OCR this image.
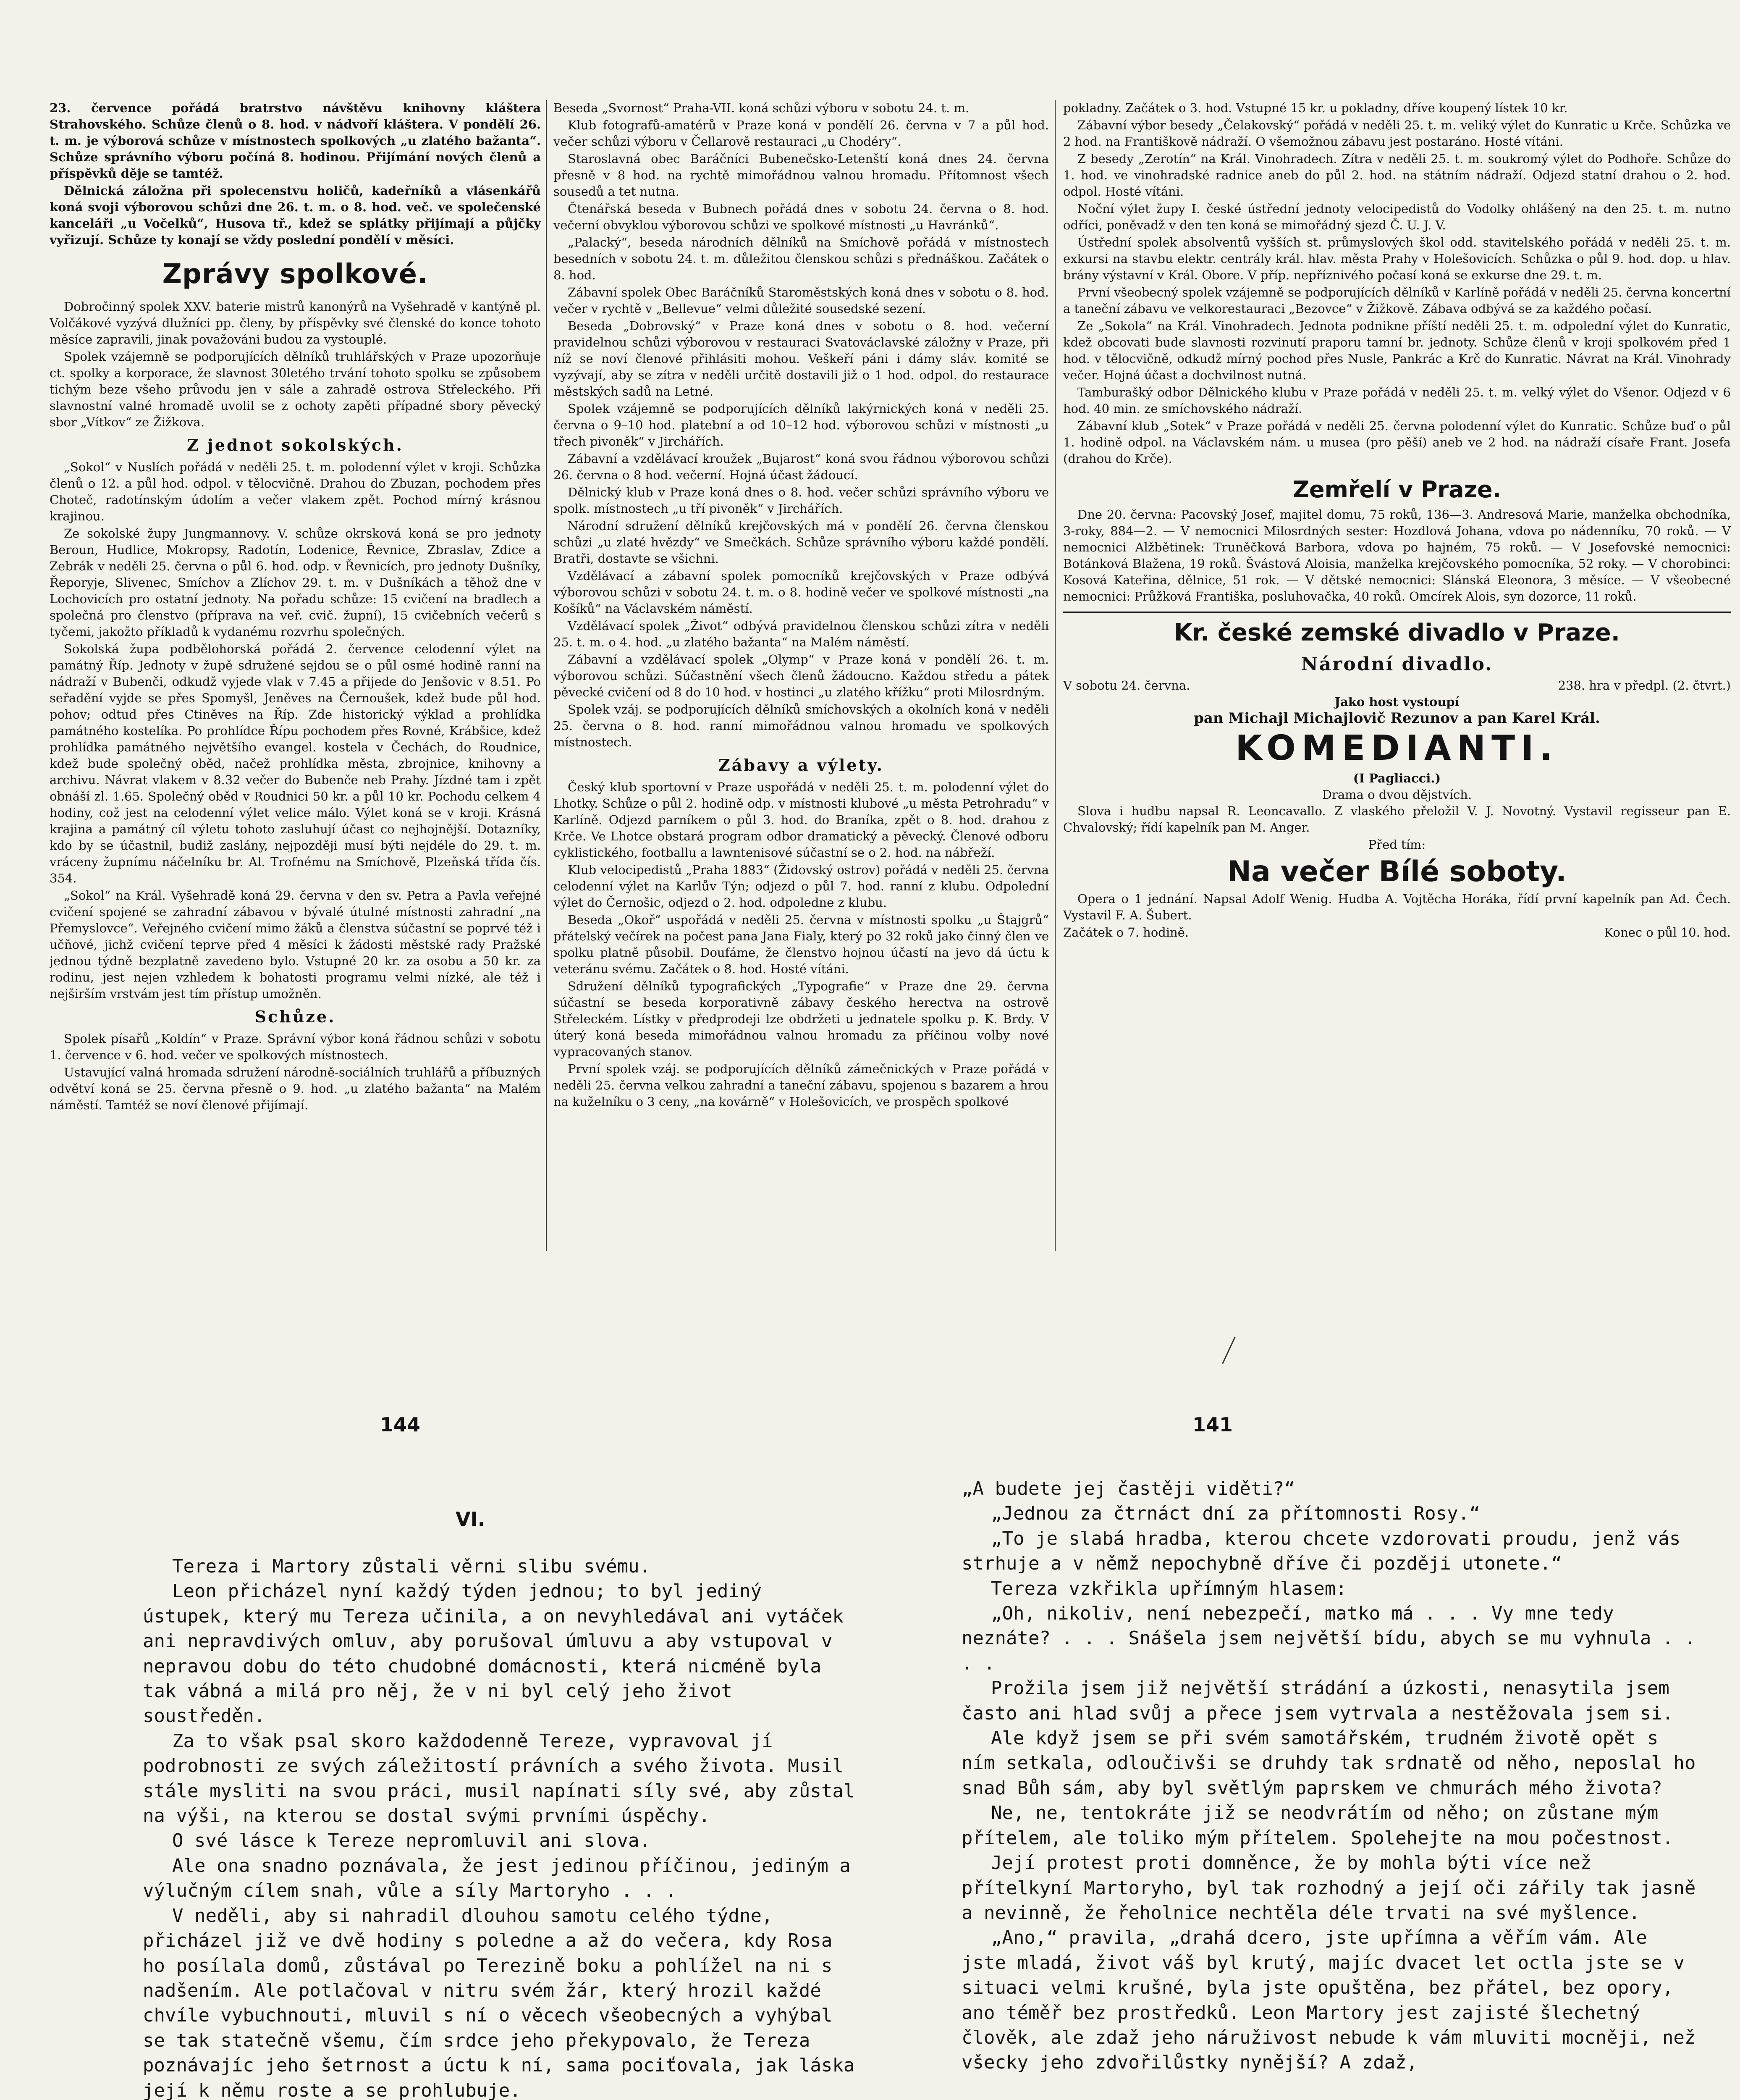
23. července pořádá bratrstvo návštěvu knihovny kláštera Strahovského. Schůze členů o 8. hod. v nádvoří kláštera. V pondělí 26. t. m. je výborová schůze v místnostech spolkových „u zlatého bažanta“. Schůze správního výboru počíná 8. hodinou. Přijímání nových členů a příspěvků děje se tamtéž.

Dělnická záložna při spolecenstvu holičů, kadeřníků a vlásenkářů koná svoji výborovou schůzi dne 26. t. m. o 8. hod. več. ve společenské kanceláři „u Vočelků“, Husova tř., kdež se splátky přijímají a půjčky vyřizují. Schůze ty konají se vždy poslední pondělí v měsíci.

Zprávy spolkové.

Dobročinný spolek XXV. baterie mistrů kanonýrů na Vyšehradě v kantýně pl. Volčákové vyzývá dlužníci pp. členy, by příspěvky své členské do konce tohoto měsíce zapravili, jinak považováni budou za vystouplé.

Spolek vzájemně se podporujících dělníků truhlářských v Praze upozorňuje ct. spolky a korporace, že slavnost 30letého trvání tohoto spolku se způsobem tichým beze všeho průvodu jen v sále a zahradě ostrova Střeleckého. Při slavnostní valné hromadě uvolil se z ochoty zapěti případné sbory pěvecký sbor „Vítkov“ ze Žižkova.

Z jednot sokolských.

„Sokol“ v Nuslích pořádá v neděli 25. t. m. polodenní výlet v kroji. Schůzka členů o 12. a půl hod. odpol. v tělocvičně. Drahou do Zbuzan, pochodem přes Choteč, radotínským údolím a večer vlakem zpět. Pochod mírný krásnou krajinou.

Ze sokolské župy Jungmannovy. V. schůze okrsková koná se pro jednoty Beroun, Hudlice, Mokropsy, Radotín, Lodenice, Řevnice, Zbraslav, Zdice a Zebrák v neděli 25. června o půl 6. hod. odp. v Řevnicích, pro jednoty Dušníky, Řeporyje, Slivenec, Smíchov a Zlíchov 29. t. m. v Dušníkách a těhož dne v Lochovicích pro ostatní jednoty. Na pořadu schůze: 15 cvičení na bradlech a společná pro členstvo (příprava na veř. cvič. župní), 15 cvičebních večerů s tyčemi, jakožto příkladů k vydanému rozvrhu společných.

Sokolská župa podbělohorská pořádá 2. července celodenní výlet na památný Říp. Jednoty v župě sdružené sejdou se o půl osmé hodině ranní na nádraží v Bubenči, odkudž vyjede vlak v 7.45 a přijede do Jenšovic v 8.51. Po seřadění vyjde se přes Spomyšl, Jeněves na Černoušek, kdež bude půl hod. pohov; odtud přes Ctiněves na Říp. Zde historický výklad a prohlídka památného kostelíka. Po prohlídce Řípu pochodem přes Rovné, Krábšice, kdež prohlídka památného největšího evangel. kostela v Čechách, do Roudnice, kdež bude společný oběd, načež prohlídka města, zbrojnice, knihovny a archivu. Návrat vlakem v 8.32 večer do Bubenče neb Prahy. Jízdné tam i zpět obnáší zl. 1.65. Společný oběd v Roudnici 50 kr. a půl 10 kr. Pochodu celkem 4 hodiny, což jest na celodenní výlet velice málo. Výlet koná se v kroji. Krásná krajina a památný cíl výletu tohoto zasluhují účast co nejhojnější. Dotazníky, kdo by se účastnil, budiž zaslány, nejpozději musí býti nejdéle do 29. t. m. vráceny župnímu náčelníku br. Al. Trofnému na Smíchově, Plzeňská třída čís. 354.

„Sokol“ na Král. Vyšehradě koná 29. června v den sv. Petra a Pavla veřejné cvičení spojené se zahradní zábavou v bývalé útulné místnosti zahradní „na Přemyslovce“. Veřejného cvičení mimo žáků a členstva súčastní se poprvé též i učňové, jichž cvičení teprve před 4 měsíci k žádosti městské rady Pražské jednou týdně bezplatně zavedeno bylo. Vstupné 20 kr. za osobu a 50 kr. za rodinu, jest nejen vzhledem k bohatosti programu velmi nízké, ale též i nejširším vrstvám jest tím přístup umožněn.

Schůze.

Spolek písařů „Koldín“ v Praze. Správní výbor koná řádnou schůzi v sobotu 1. července v 6. hod. večer ve spolkových místnostech.

Ustavující valná hromada sdružení národně-sociálních truhlářů a příbuzných odvětví koná se 25. června přesně o 9. hod. „u zlatého bažanta“ na Malém náměstí. Tamtéž se noví členové přijímají.

Beseda „Svornost“ Praha-VII. koná schůzi výboru v sobotu 24. t. m.

Klub fotografů-amatérů v Praze koná v pondělí 26. června v 7 a půl hod. večer schůzi výboru v Čellarově restauraci „u Chodéry“.

Staroslavná obec Baráčníci Bubenečsko-Letenští koná dnes 24. června přesně v 8 hod. na rychtě mimořádnou valnou hromadu. Přítomnost všech sousedů a tet nutna.

Čtenářská beseda v Bubnech pořádá dnes v sobotu 24. června o 8. hod. večerní obvyklou výborovou schůzi ve spolkové místnosti „u Havránků“.

„Palacký“, beseda národních dělníků na Smíchově pořádá v místnostech besedních v sobotu 24. t. m. důležitou členskou schůzi s přednáškou. Začátek o 8. hod.

Zábavní spolek Obec Baráčníků Staroměstských koná dnes v sobotu o 8. hod. večer v rychtě v „Bellevue“ velmi důležité sousedské sezení.

Beseda „Dobrovský“ v Praze koná dnes v sobotu o 8. hod. večerní pravidelnou schůzi výborovou v restauraci Svatováclavské záložny v Praze, při níž se noví členové přihlásiti mohou. Veškeří páni i dámy sláv. komité se vyzývají, aby se zítra v neděli určitě dostavili již o 1 hod. odpol. do restaurace městských sadů na Letné.

Spolek vzájemně se podporujících dělníků lakýrnických koná v neděli 25. června o 9–10 hod. platební a od 10–12 hod. výborovou schůzi v místnosti „u třech pivoněk“ v Jirchářích.

Zábavní a vzdělávací kroužek „Bujarost“ koná svou řádnou výborovou schůzi 26. června o 8 hod. večerní. Hojná účast žádoucí.

Dělnický klub v Praze koná dnes o 8. hod. večer schůzi správního výboru ve spolk. místnostech „u tří pivoněk“ v Jirchářích.

Národní sdružení dělníků krejčovských má v pondělí 26. června členskou schůzi „u zlaté hvězdy“ ve Smečkách. Schůze správního výboru každé pondělí. Bratři, dostavte se všichni.

Vzdělávací a zábavní spolek pomocníků krejčovských v Praze odbývá výborovou schůzi v sobotu 24. t. m. o 8. hodině večer ve spolkové místnosti „na Košíků“ na Václavském náměstí.

Vzdělávací spolek „Život“ odbývá pravidelnou členskou schůzi zítra v neděli 25. t. m. o 4. hod. „u zlatého bažanta“ na Malém náměstí.

Zábavní a vzdělávací spolek „Olymp“ v Praze koná v pondělí 26. t. m. výborovou schůzi. Súčastnění všech členů žádoucno. Každou středu a pátek pěvecké cvičení od 8 do 10 hod. v hostinci „u zlatého křížku“ proti Milosrdným.

Spolek vzáj. se podporujících dělníků smíchovských a okolních koná v neděli 25. června o 8. hod. ranní mimořádnou valnou hromadu ve spolkových místnostech.

Zábavy a výlety.

Český klub sportovní v Praze uspořádá v neděli 25. t. m. polodenní výlet do Lhotky. Schůze o půl 2. hodině odp. v místnosti klubové „u města Petrohradu“ v Karlíně. Odjezd parníkem o půl 3. hod. do Braníka, zpět o 8. hod. drahou z Krče. Ve Lhotce obstará program odbor dramatický a pěvecký. Členové odboru cyklistického, footballu a lawntenisové súčastní se o 2. hod. na nábřeží.

Klub velocipedistů „Praha 1883“ (Židovský ostrov) pořádá v neděli 25. června celodenní výlet na Karlův Týn; odjezd o půl 7. hod. ranní z klubu. Odpolední výlet do Černošic, odjezd o 2. hod. odpoledne z klubu.

Beseda „Okoř“ uspořádá v neděli 25. června v místnosti spolku „u Štajgrů“ přátelský večírek na počest pana Jana Fialy, který po 32 roků jako činný člen ve spolku platně působil. Doufáme, že členstvo hojnou účastí na jevo dá úctu k veteránu svému. Začátek o 8. hod. Hosté vítáni.

Sdružení dělníků typografických „Typografie“ v Praze dne 29. června súčastní se beseda korporativně zábavy českého herectva na ostrově Střeleckém. Lístky v předprodeji lze obdržeti u jednatele spolku p. K. Brdy. V úterý koná beseda mimořádnou valnou hromadu za příčinou volby nové vypracovaných stanov.

První spolek vzáj. se podporujících dělníků zámečnických v Praze pořádá v neděli 25. června velkou zahradní a taneční zábavu, spojenou s bazarem a hrou na kuželníku o 3 ceny, „na kovárně“ v Holešovicích, ve prospěch spolkové

pokladny. Začátek o 3. hod. Vstupné 15 kr. u pokladny, dříve koupený lístek 10 kr.

Zábavní výbor besedy „Čelakovský“ pořádá v neděli 25. t. m. veliký výlet do Kunratic u Krče. Schůzka ve 2 hod. na Františkově nádraží. O všemožnou zábavu jest postaráno. Hosté vítáni.

Z besedy „Zerotín“ na Král. Vinohradech. Zítra v neděli 25. t. m. soukromý výlet do Podhoře. Schůze do 1. hod. ve vinohradské radnice aneb do půl 2. hod. na státním nádraží. Odjezd statní drahou o 2. hod. odpol. Hosté vítáni.

Noční výlet župy I. české ústřední jednoty velocipedistů do Vodolky ohlášený na den 25. t. m. nutno odříci, poněvadž v den ten koná se mimořádný sjezd Č. U. J. V.

Ústřední spolek absolventů vyšších st. průmyslových škol odd. stavitelského pořádá v neděli 25. t. m. exkursi na stavbu elektr. centrály král. hlav. města Prahy v Holešovicích. Schůzka o půl 9. hod. dop. u hlav. brány výstavní v Král. Obore. V příp. nepříznivého počasí koná se exkurse dne 29. t. m.

První všeobecný spolek vzájemně se podporujících dělníků v Karlíně pořádá v neděli 25. června koncertní a taneční zábavu ve velkorestauraci „Bezovce“ v Žižkově. Zábava odbývá se za každého počasí.

Ze „Sokola“ na Král. Vinohradech. Jednota podnikne příští neděli 25. t. m. odpolední výlet do Kunratic, kdež obcovati bude slavnosti rozvinutí praporu tamní br. jednoty. Schůze členů v kroji spolkovém před 1 hod. v tělocvičně, odkudž mírný pochod přes Nusle, Pankrác a Krč do Kunratic. Návrat na Král. Vinohrady večer. Hojná účast a dochvilnost nutná.

Tamburašký odbor Dělnického klubu v Praze pořádá v neděli 25. t. m. velký výlet do Všenor. Odjezd v 6 hod. 40 min. ze smíchovského nádraží.

Zábavní klub „Sotek“ v Praze pořádá v neděli 25. června polodenní výlet do Kunratic. Schůze buď o půl 1. hodině odpol. na Václavském nám. u musea (pro pěší) aneb ve 2 hod. na nádraží císaře Frant. Josefa (drahou do Krče).

Zemřelí v Praze.

Dne 20. června: Pacovský Josef, majitel domu, 75 roků, 136—3. Andresová Marie, manželka obchodníka, 3-roky, 884—2. — V nemocnici Milosrdných sester: Hozdlová Johana, vdova po nádenníku, 70 roků. — V nemocnici Alžbětinek: Truněčková Barbora, vdova po hajném, 75 roků. — V Josefovské nemocnici: Botánková Blažena, 19 roků. Švástová Aloisia, manželka krejčovského pomocníka, 52 roky. — V chorobinci: Kosová Kateřina, dělnice, 51 rok. — V dětské nemocnici: Slánská Eleonora, 3 měsíce. — V všeobecné nemocnici: Průžková Františka, posluhovačka, 40 roků. Omcírek Alois, syn dozorce, 11 roků.

Kr. české zemské divadlo v Praze.
Národní divadlo.
V sobotu 24. června.	238. hra v předpl. (2. čtvrt.)
Jako host vystoupí
pan Michajl Michajlovič Rezunov a pan Karel Král.
KOMEDIANTI.
(I Pagliacci.)
Drama o dvou dějstvích.

Slova i hudbu napsal R. Leoncavallo. Z vlaského přeložil V. J. Novotný. Vystavil regisseur pan E. Chvalovský; řídí kapelník pan M. Anger.

Před tím:
Na večer Bílé soboty.

Opera o 1 jednání. Napsal Adolf Wenig. Hudba A. Vojtěcha Horáka, řídí první kapelník pan Ad. Čech. Vystavil F. A. Šubert.

Začátek o 7. hodině.	Konec o půl 10. hod.
144	141
VI.

Tereza i Martory zůstali věrni slibu svému.

Leon přicházel nyní každý týden jednou; to byl jediný ústupek, který mu Tereza učinila, a on nevyhledával ani vytáček ani nepravdivých omluv, aby porušoval úmluvu a aby vstupoval v nepravou dobu do této chudobné domácnosti, která nicméně byla tak vábná a milá pro něj, že v ni byl celý jeho život soustředěn.

Za to však psal skoro každodenně Tereze, vypravoval jí podrobnosti ze svých záležitostí právních a svého života. Musil stále mysliti na svou práci, musil napínati síly své, aby zůstal na výši, na kterou se dostal svými prvními úspěchy.

O své lásce k Tereze nepromluvil ani slova.

Ale ona snadno poznávala, že jest jedinou příčinou, jediným a výlučným cílem snah, vůle a síly Martoryho . . .

V neděli, aby si nahradil dlouhou samotu celého týdne, přicházel již ve dvě hodiny s poledne a až do večera, kdy Rosa ho posílala domů, zůstával po Terezině boku a pohlížel na ni s nadšením. Ale potlačoval v nitru svém žár, který hrozil každé chvíle vybuchnouti, mluvil s ní o věcech všeobecných a vyhýbal se tak statečně všemu, čím srdce jeho překypovalo, že Tereza poznávajíc jeho šetrnost a úctu k ní, sama pociťovala, jak láska její k němu roste a se prohlubuje.

„A budete jej častěji viděti?“

„Jednou za čtrnáct dní za přítomnosti Rosy.“

„To je slabá hradba, kterou chcete vzdorovati proudu, jenž vás strhuje a v němž nepochybně dříve či později utonete.“

Tereza vzkřikla upřímným hlasem:

„Oh, nikoliv, není nebezpečí, matko má . . . Vy mne tedy neznáte? . . . Snášela jsem největší bídu, abych se mu vyhnula . . . .

Prožila jsem již největší strádání a úzkosti, nenasytila jsem často ani hlad svůj a přece jsem vytrvala a nestěžovala jsem si.

Ale když jsem se při svém samotářském, trudném životě opět s ním setkala, odloučivši se druhdy tak srdnatě od něho, neposlal ho snad Bůh sám, aby byl světlým paprskem ve chmurách mého života?

Ne, ne, tentokráte již se neodvrátím od něho; on zůstane mým přítelem, ale toliko mým přítelem. Spolehejte na mou počestnost.

Její protest proti domněnce, že by mohla býti více než přítelkyní Martoryho, byl tak rozhodný a její oči zářily tak jasně a nevinně, že řeholnice nechtěla déle trvati na své myšlence.

„Ano,“ pravila, „drahá dcero, jste upřímna a věřím vám. Ale jste mladá, život váš byl krutý, majíc dvacet let octla jste se v situaci velmi krušné, byla jste opuštěna, bez přátel, bez opory, ano téměř bez prostředků. Leon Martory jest zajisté šlechetný člověk, ale zdaž jeho náruživost nebude k vám mluviti mocněji, než všecky jeho zdvořilůstky nynější? A zdaž,
